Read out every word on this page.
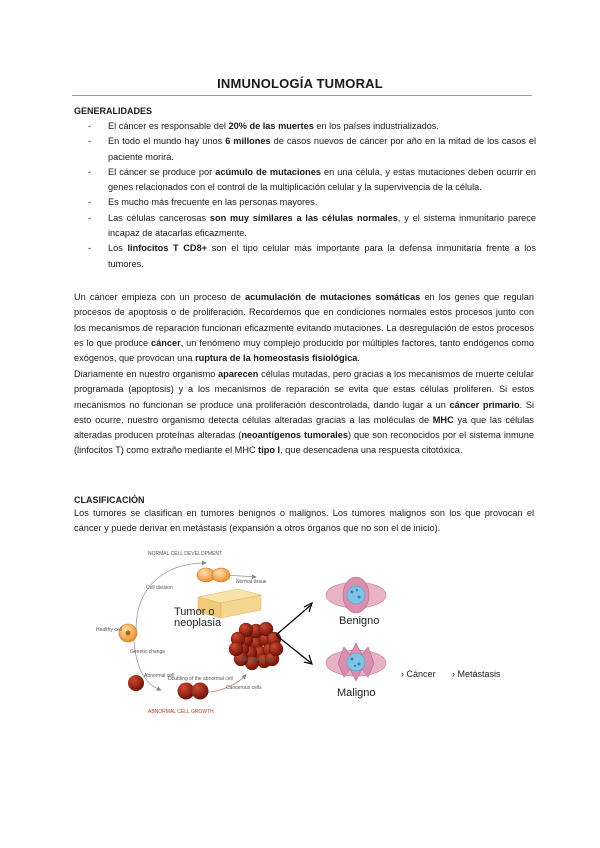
INMUNOLOGÍA TUMORAL
GENERALIDADES
- El cáncer es responsable del 20% de las muertes en los países industrializados.
- En todo el mundo hay unos 6 millones de casos nuevos de cáncer por año en la mitad de los casos el paciente morirá.
- El cáncer se produce por acúmulo de mutaciones en una célula, y estas mutaciones deben ocurrir en genes relacionados con el control de la multiplicación celular y la supervivencia de la célula.
- Es mucho más frecuente en las personas mayores.
- Las células cancerosas son muy similares a las células normales, y el sistema inmunitario parece incapaz de atacarlas eficazmente.
- Los linfocitos T CD8+ son el tipo celular más importante para la defensa inmunitaria frente a los tumores.
Un cáncer empieza con un proceso de acumulación de mutaciones somáticas en los genes que regulan procesos de apoptosis o de proliferación. Recordemos que en condiciones normales estos procesos junto con los mecanismos de reparación funcionan eficazmente evitando mutaciones. La desregulación de estos procesos es lo que produce cáncer, un fenómeno muy complejo producido por múltiples factores, tanto endógenos como exógenos, que provocan una ruptura de la homeostasis fisiológica.
Diariamente en nuestro organismo aparecen células mutadas, pero gracias a los mecanismos de muerte celular programada (apoptosis) y a los mecanismos de reparación se evita que estas células proliferen. Si estos mecanismos no funcionan se produce una proliferación descontrolada, dando lugar a un cáncer primario. Si esto ocurre, nuestro organismo detecta células alteradas gracias a las moléculas de MHC ya que las células alteradas producen proteínas alteradas (neoantígenos tumorales) que son reconocidos por el sistema inmune (linfocitos T) como extraño mediante el MHC tipo I, que desencadena una respuesta citotóxica.
CLASIFICACIÓN
Los tumores se clasifican en tumores benignos o malignos. Los tumores malignos son los que provocan el cáncer y puede derivar en metástasis (expansión a otros órganos que no son el de inicio).
NORMAL CELL DEVELOPMENT
ABNORMAL CELL GROWTH
Healthy cell
Cell division
Normal tissue
Genetic change
Abnormal cell
Doubling of the abnormal cell
Malignant tumor
Cancerous cells
Tumor o neoplasia	Benigno
Maligno
› Cáncer › Metástasis
